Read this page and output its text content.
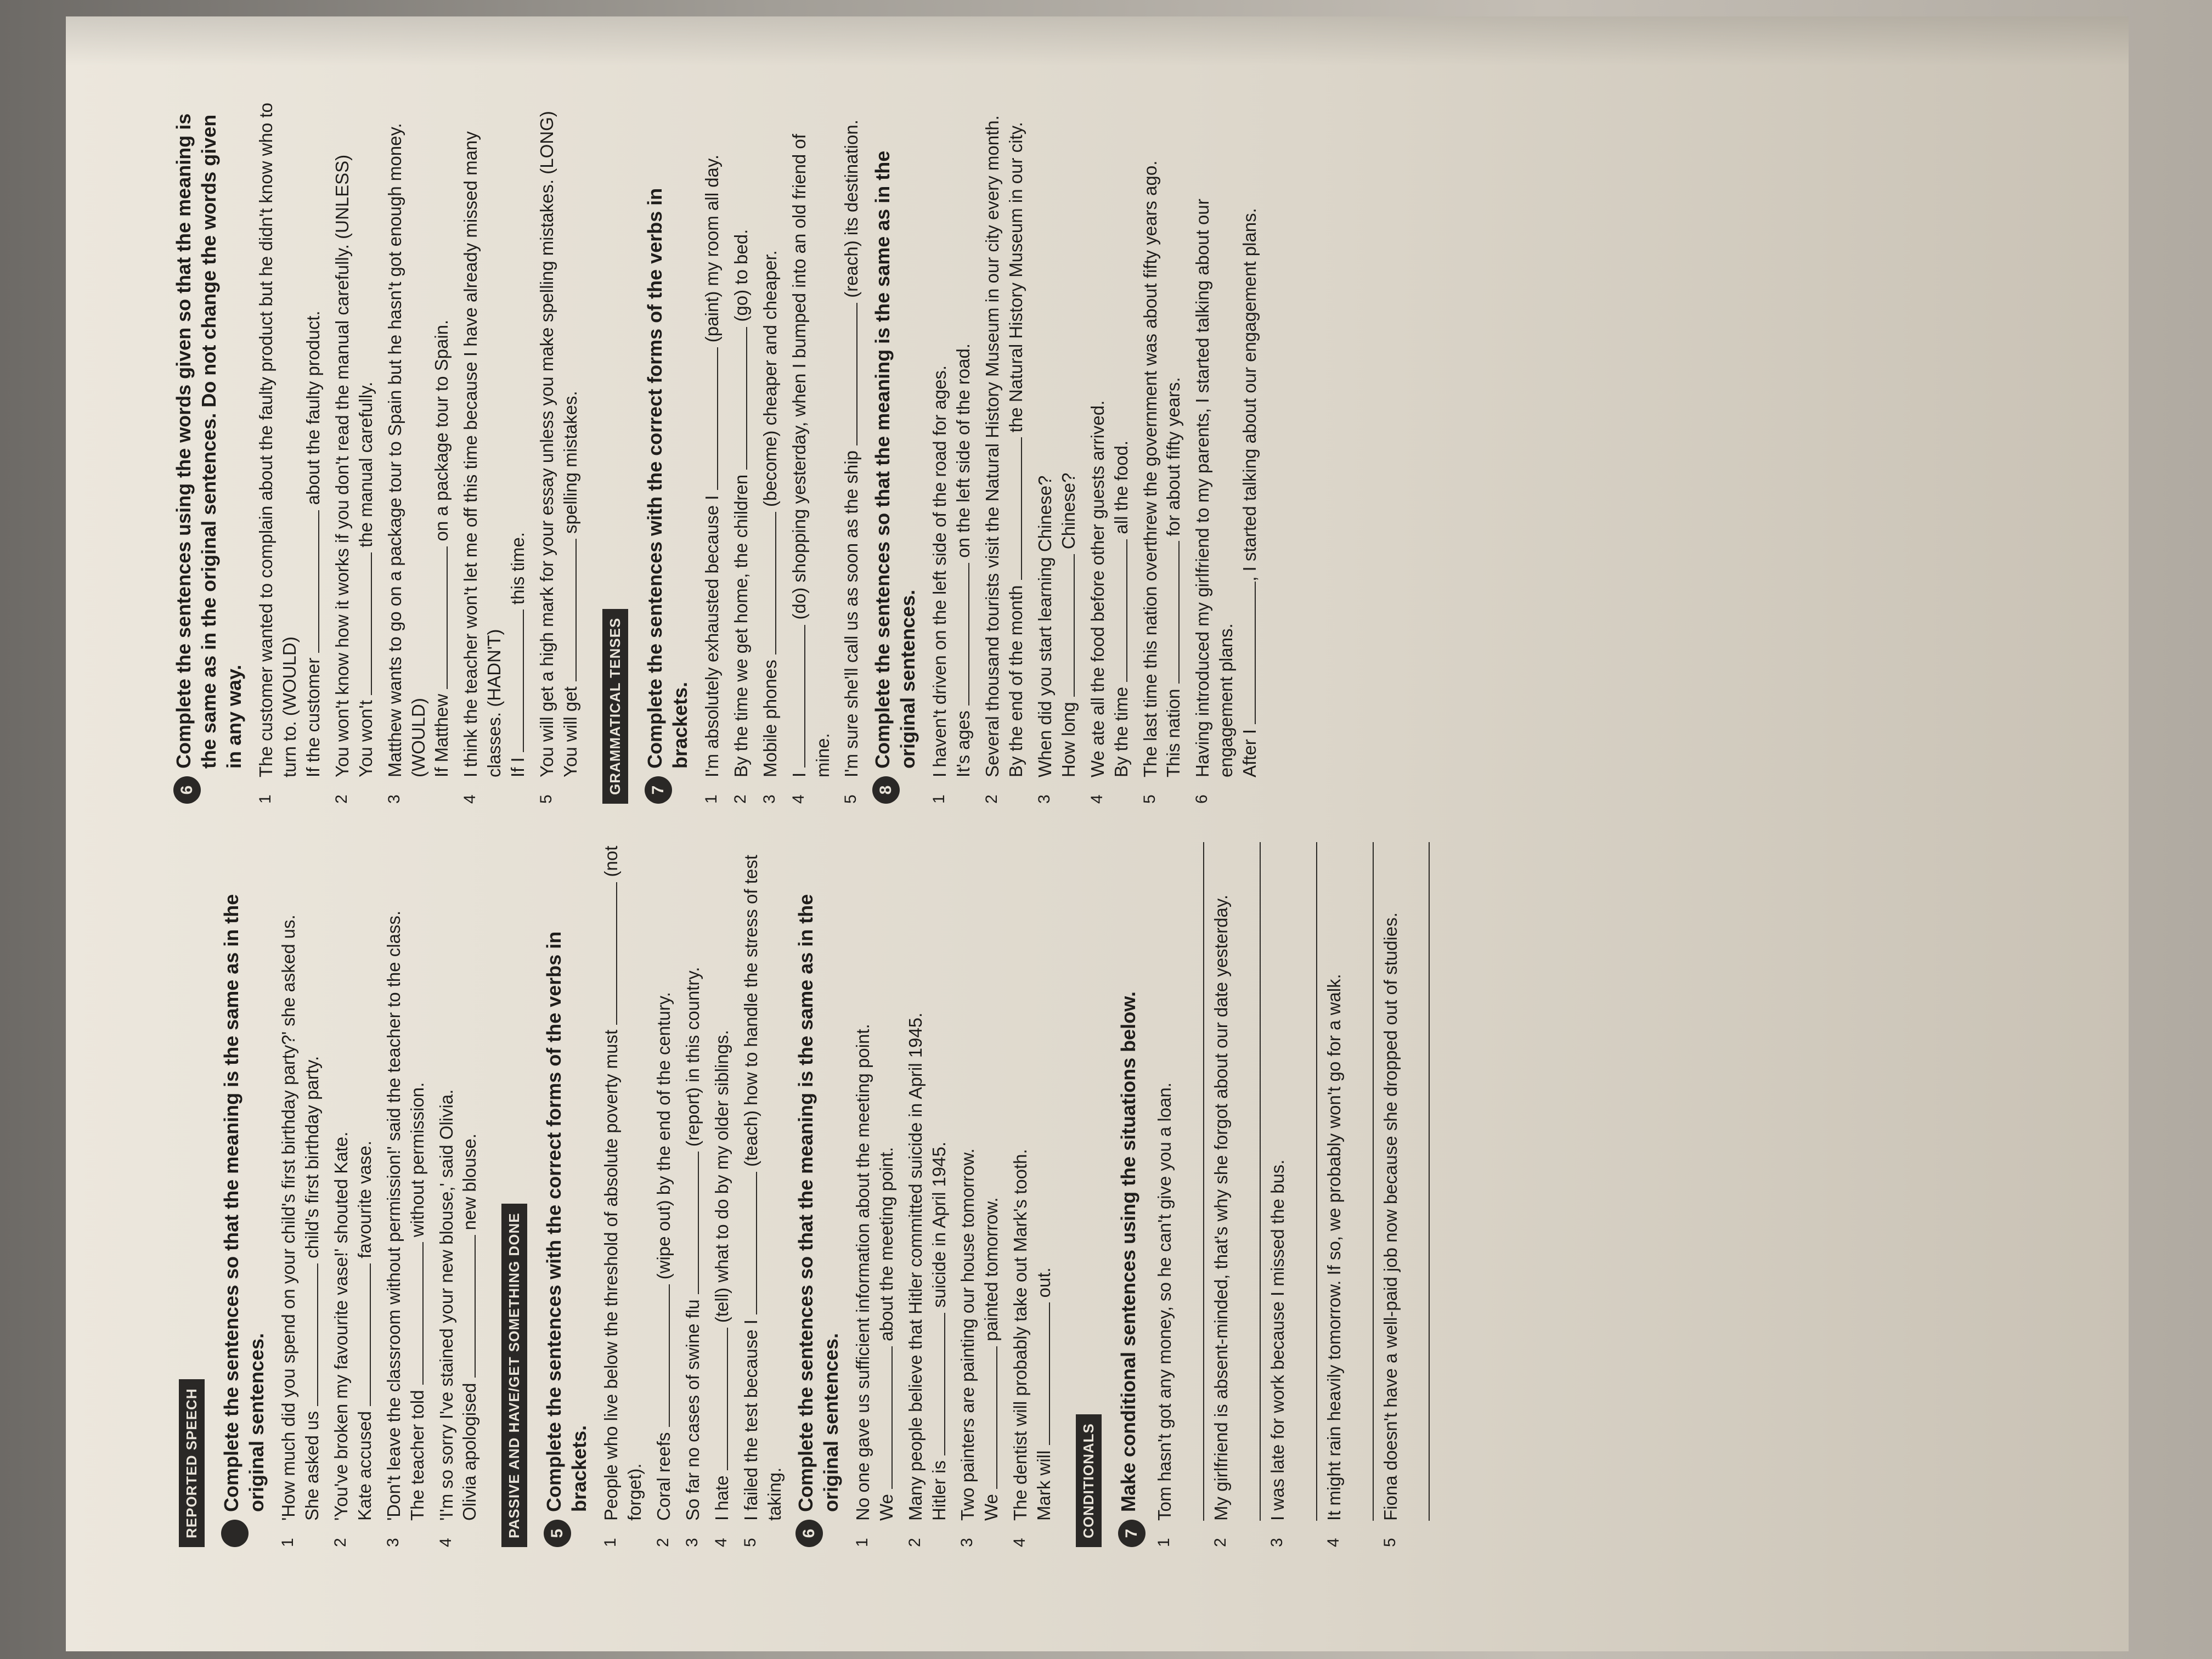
REPORTED SPEECH Complete the sentences so that the meaning is the same as in the original sentences.
1
'How much did you spend on your child's first birthday party?' she asked us. She asked us  child's first birthday party.
2
'You've broken my favourite vase!' shouted Kate. Kate accused  favourite vase.
3
'Don't leave the classroom without permission!' said the teacher to the class. The teacher told  without permission.
4
'I'm so sorry I've stained your new blouse,' said Olivia. Olivia apologised  new blouse.
PASSIVE AND HAVE/GET SOMETHING DONE 5
Complete the sentences with the correct forms of the verbs in brackets.
1
People who live below the threshold of absolute poverty must  (not forget).
2
Coral reefs  (wipe out) by the end of the century.
3
So far no cases of swine flu  (report) in this country.
4
I hate  (tell) what to do by my older siblings.
5
I failed the test because I  (teach) how to handle the stress of test taking.
6
Complete the sentences so that the meaning is the same as in the original sentences.
1
No one gave us sufficient information about the meeting point. We  about the meeting point.
2
Many people believe that Hitler committed suicide in April 1945. Hitler is  suicide in April 1945.
3
Two painters are painting our house tomorrow. We  painted tomorrow.
4
The dentist will probably take out Mark's tooth. Mark will  out.
CONDITIONALS 7
Make conditional sentences using the situations below.
1
Tom hasn't got any money, so he can't give you a loan.
2
My girlfriend is absent-minded, that's why she forgot about our date yesterday.
3
I was late for work because I missed the bus.
4
It might rain heavily tomorrow. If so, we probably won't go for a walk.
5
Fiona doesn't have a well-paid job now because she dropped out of studies.
6
Complete the sentences using the words given so that the meaning is the same as in the original sentences. Do not change the words given in any way.
1
The customer wanted to complain about the faulty product but he didn't know who to turn to. (WOULD) If the customer  about the faulty product.
2
You won't know how it works if you don't read the manual carefully. (UNLESS) You won't  the manual carefully.
3
Matthew wants to go on a package tour to Spain but he hasn't got enough money. (WOULD) If Matthew  on a package tour to Spain.
4
I think the teacher won't let me off this time because I have already missed many classes. (HADN'T) If I  this time.
5
You will get a high mark for your essay unless you make spelling mistakes. (LONG) You will get  spelling mistakes.
GRAMMATICAL TENSES 7
Complete the sentences with the correct forms of the verbs in brackets.
1
I'm absolutely exhausted because I  (paint) my room all day.
2
By the time we get home, the children  (go) to bed.
3
Mobile phones  (become) cheaper and cheaper.
4
I  (do) shopping yesterday, when I bumped into an old friend of mine.
5
I'm sure she'll call us as soon as the ship  (reach) its destination.
8
Complete the sentences so that the meaning is the same as in the original sentences.
1
I haven't driven on the left side of the road for ages. It's ages  on the left side of the road.
2
Several thousand tourists visit the Natural History Museum in our city every month. By the end of the month  the Natural History Museum in our city.
3
When did you start learning Chinese? How long  Chinese?
4
We ate all the food before other guests arrived. By the time  all the food.
5
The last time this nation overthrew the government was about fifty years ago. This nation  for about fifty years.
6
Having introduced my girlfriend to my parents, I started talking about our engagement plans. After I , I started talking about our engagement plans.
